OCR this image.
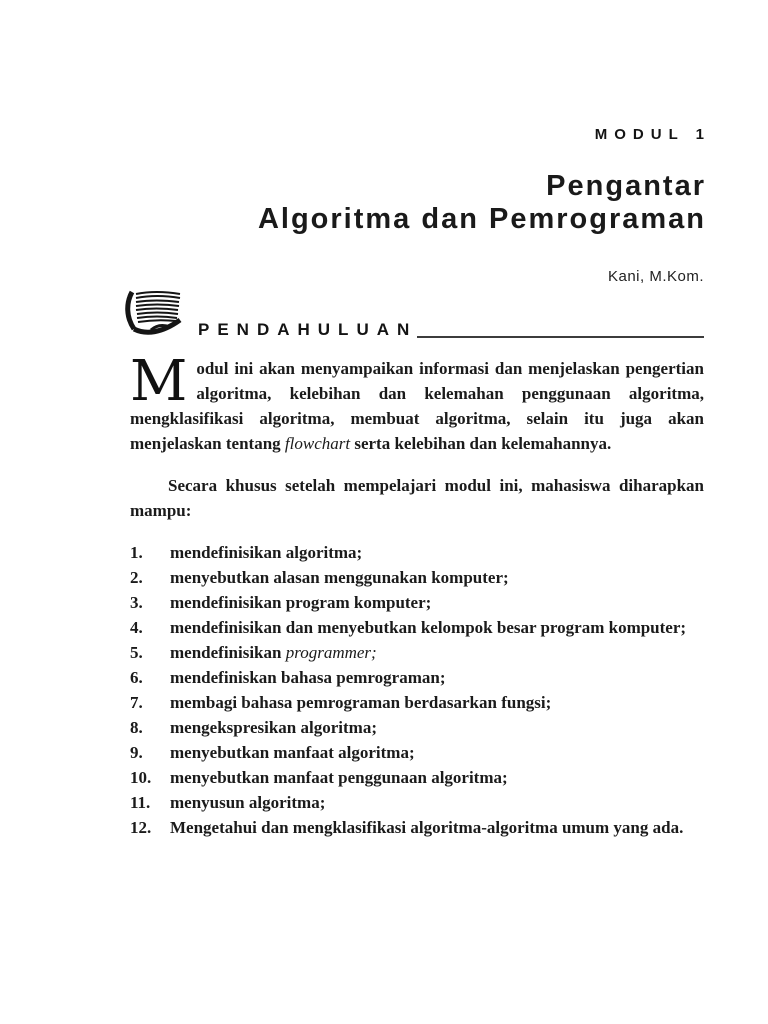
MODUL 1
Pengantar
Algoritma dan Pemrograman
Kani, M.Kom.
PENDAHULUAN

Modul ini akan menyampaikan informasi dan menjelaskan pengertian algoritma, kelebihan dan kelemahan penggunaan algoritma, mengklasifikasi algoritma, membuat algoritma, selain itu juga akan menjelaskan tentang flowchart serta kelebihan dan kelemahannya.

Secara khusus setelah mempelajari modul ini, mahasiswa diharapkan mampu:

1.	mendefinisikan algoritma;
2.	menyebutkan alasan menggunakan komputer;
3.	mendefinisikan program komputer;
4.	mendefinisikan dan menyebutkan kelompok besar program komputer;
5.	mendefinisikan programmer;
6.	mendefiniskan bahasa pemrograman;
7.	membagi bahasa pemrograman berdasarkan fungsi;
8.	mengekspresikan algoritma;
9.	menyebutkan manfaat algoritma;
10.	menyebutkan manfaat penggunaan algoritma;
11.	menyusun algoritma;
12.	Mengetahui dan mengklasifikasi algoritma-algoritma umum yang ada.
